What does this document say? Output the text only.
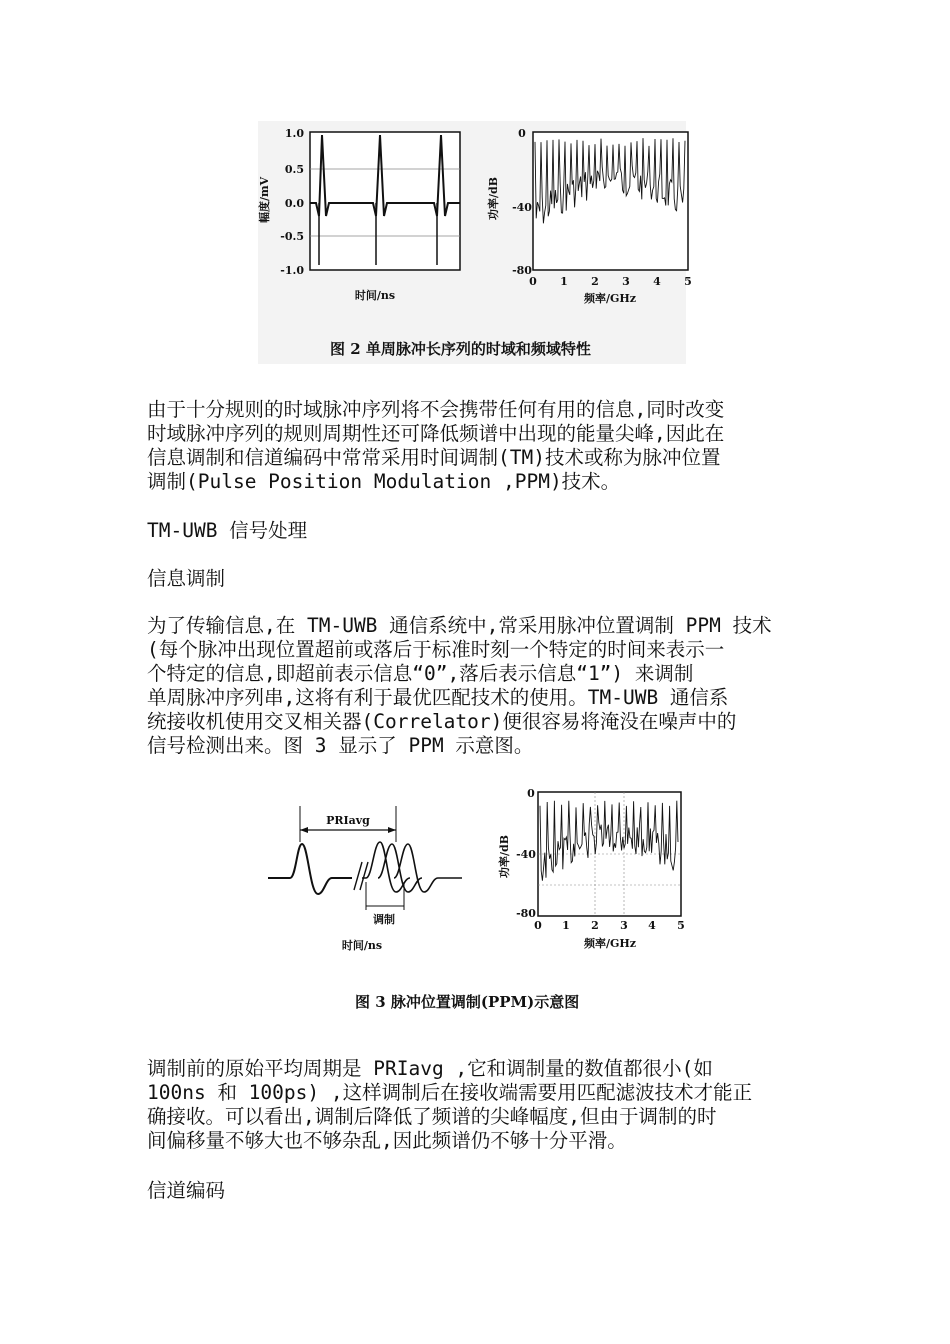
1.0
0.5
0.0
-0.5
-1.0
幅度/mV
时间/ns
0
-40
-80
功率/dB
0 1 2 3 4 5
频率/GHz
图 2 单周脉冲长序列的时域和频域特性
由于十分规则的时域脉冲序列将不会携带任何有用的信息,同时改变
时域脉冲序列的规则周期性还可降低频谱中出现的能量尖峰,因此在
信息调制和信道编码中常常采用时间调制(TM)技术或称为脉冲位置
调制(Pulse Position Modulation ,PPM)技术。
TM-UWB 信号处理
信息调制
为了传输信息,在 TM-UWB 通信系统中,常采用脉冲位置调制 PPM 技术
(每个脉冲出现位置超前或落后于标准时刻一个特定的时间来表示一
个特定的信息,即超前表示信息“0”,落后表示信息“1”) 来调制
单周脉冲序列串,这将有利于最优匹配技术的使用。TM-UWB 通信系
统接收机使用交叉相关器(Correlator)便很容易将淹没在噪声中的
信号检测出来。图 3 显示了 PPM 示意图。
PRIavg
调制
时间/ns
0
-40
-80
功率/dB
0 1 2 3 4 5
频率/GHz
图 3 脉冲位置调制(PPM)示意图
调制前的原始平均周期是 PRIavg ,它和调制量的数值都很小(如
100ns 和 100ps) ,这样调制后在接收端需要用匹配滤波技术才能正
确接收。可以看出,调制后降低了频谱的尖峰幅度,但由于调制的时
间偏移量不够大也不够杂乱,因此频谱仍不够十分平滑。
信道编码
